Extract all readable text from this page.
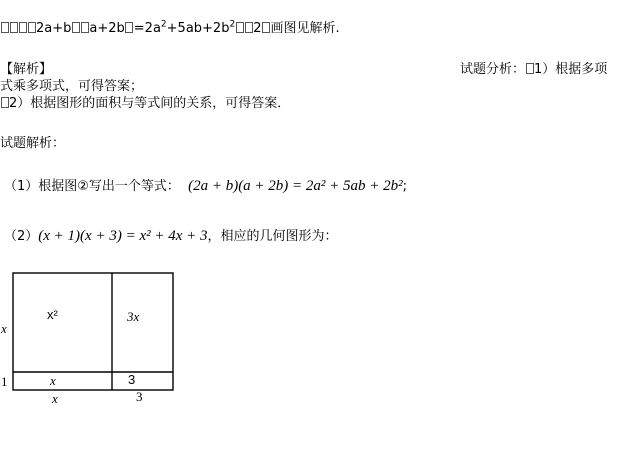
2a+b $a+2b =2a^2+5ab+2b^2$ 2 画图见解析.
【解析】	试题分析： 1）根据多项
式乘多项式，可得答案；
2）根据图形的面积与等式间的关系，可得答案．
试题解析：
（1）根据图②写出一个等式： (2a + b)(a + 2b) = 2a² + 5ab + 2b²;
（2）(x + 1)(x + 3) = x² + 4x + 3，相应的几何图形为：
x²	3x
x	3
x
1
x	3
